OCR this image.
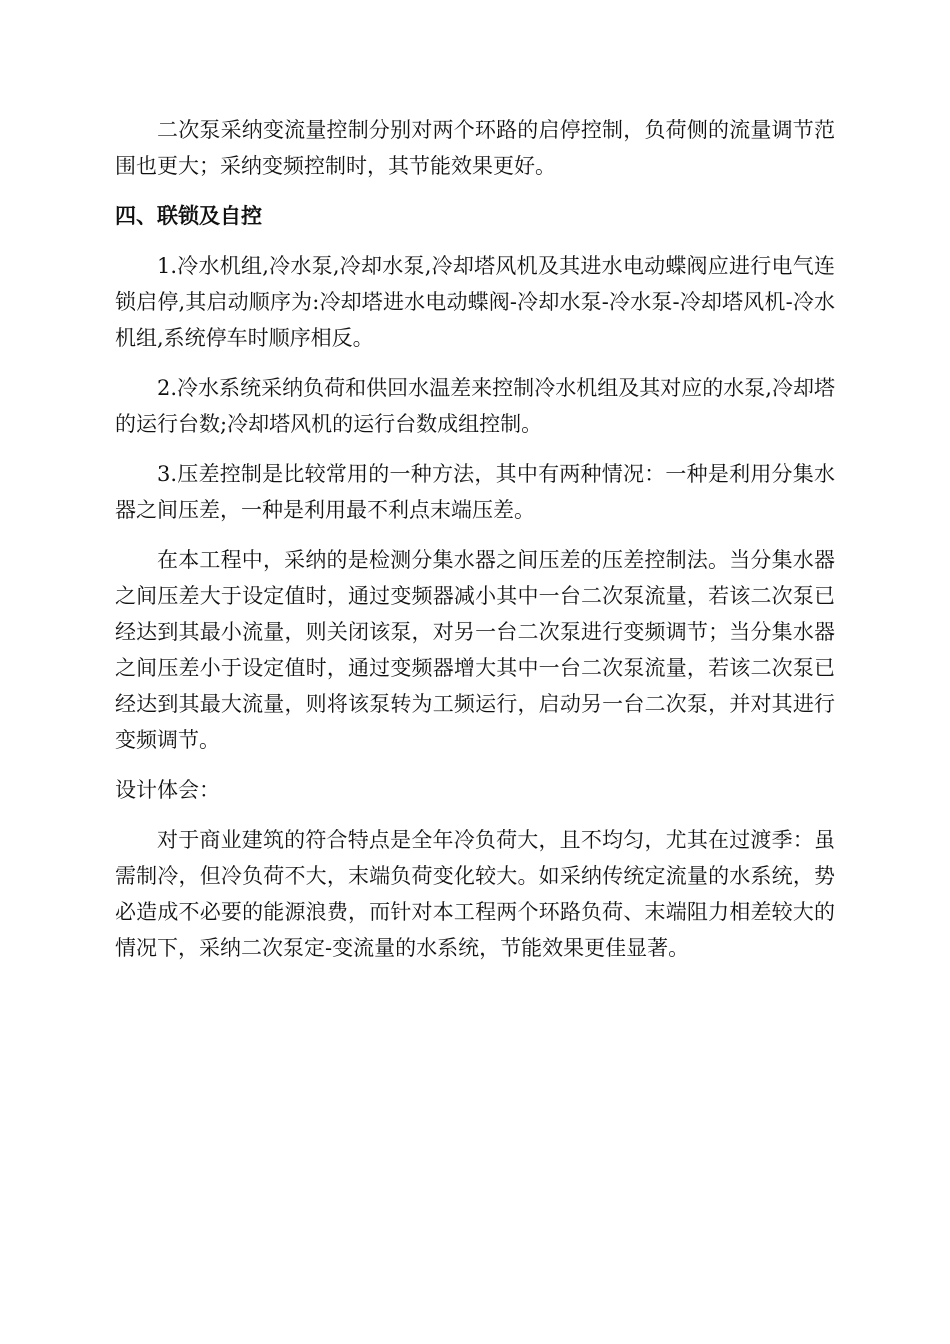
二次泵采纳变流量控制分别对两个环路的启停控制，负荷侧的流量调节范围也更大；采纳变频控制时，其节能效果更好。

四、联锁及自控

1.冷水机组,冷水泵,冷却水泵,冷却塔风机及其进水电动蝶阀应进行电气连锁启停,其启动顺序为:冷却塔进水电动蝶阀-冷却水泵-冷水泵-冷却塔风机-冷水机组,系统停车时顺序相反。

2.冷水系统采纳负荷和供回水温差来控制冷水机组及其对应的水泵,冷却塔的运行台数;冷却塔风机的运行台数成组控制。

3.压差控制是比较常用的一种方法，其中有两种情况：一种是利用分集水器之间压差，一种是利用最不利点末端压差。

在本工程中，采纳的是检测分集水器之间压差的压差控制法。当分集水器之间压差大于设定值时，通过变频器减小其中一台二次泵流量，若该二次泵已经达到其最小流量，则关闭该泵，对另一台二次泵进行变频调节；当分集水器之间压差小于设定值时，通过变频器增大其中一台二次泵流量，若该二次泵已经达到其最大流量，则将该泵转为工频运行，启动另一台二次泵，并对其进行变频调节。

设计体会：

对于商业建筑的符合特点是全年冷负荷大，且不均匀，尤其在过渡季：虽需制冷，但冷负荷不大，末端负荷变化较大。如采纳传统定流量的水系统，势必造成不必要的能源浪费，而针对本工程两个环路负荷、末端阻力相差较大的情况下，采纳二次泵定-变流量的水系统，节能效果更佳显著。
